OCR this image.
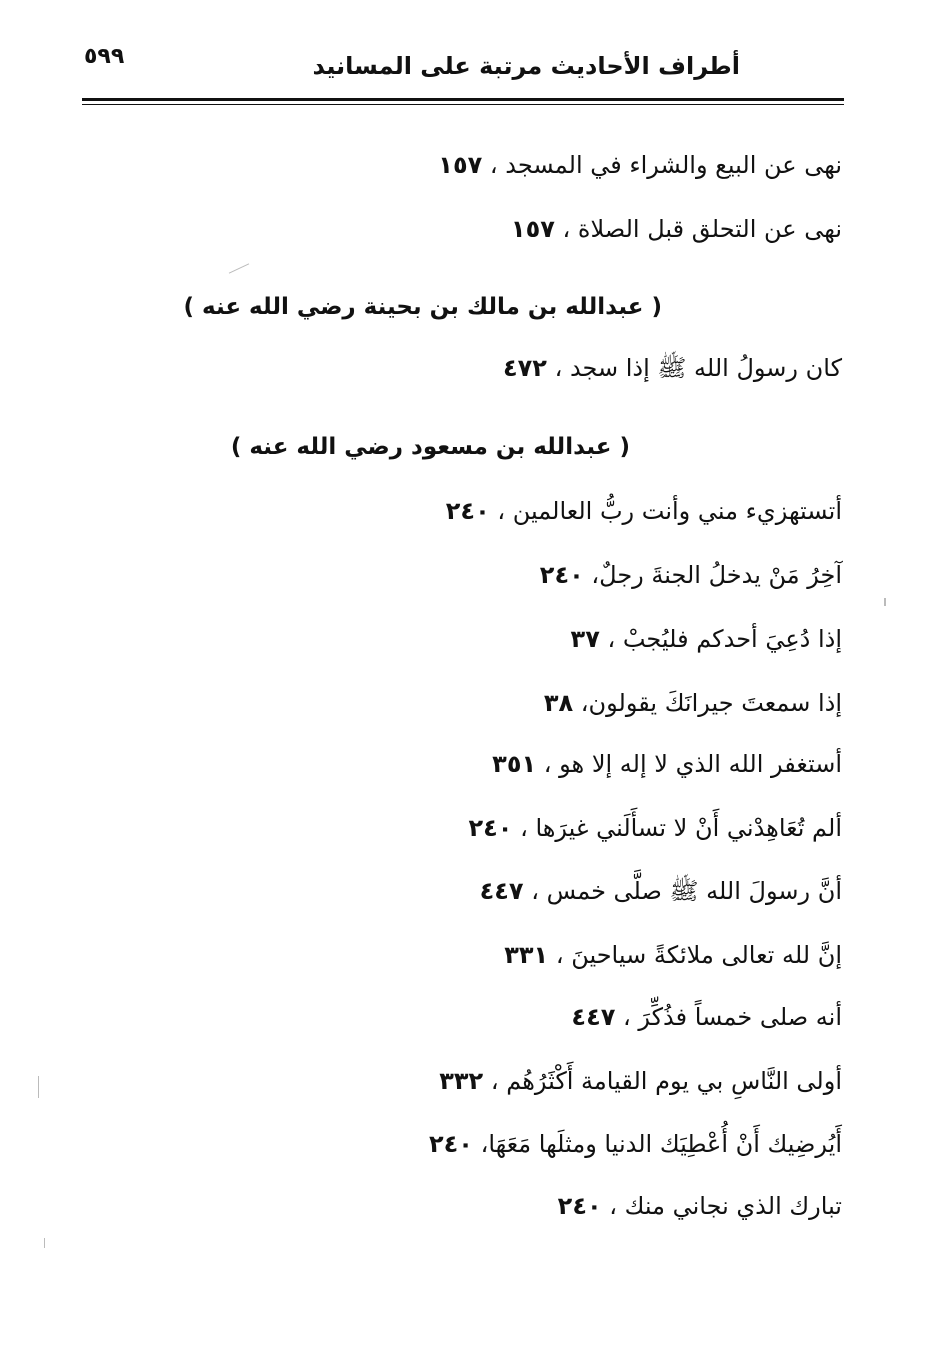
٥٩٩	أطراف الأحاديث مرتبة على المسانيد
نهى عن البيع والشراء في المسجد ، ١٥٧
نهى عن التحلق قبل الصلاة ، ١٥٧
( عبدالله بن مالك بن بحينة رضي الله عنه )
كان رسولُ الله ﷺ إذا سجد ، ٤٧٢
( عبدالله بن مسعود رضي الله عنه )
أتستهزيء مني وأنت ربُّ العالمين ، ٢٤٠
آخِرُ مَنْ يدخلُ الجنةَ رجلٌ، ٢٤٠
إذا دُعِيَ أحدكم فليُجبْ ، ٣٧
إذا سمعتَ جيرانَكَ يقولون، ٣٨
أستغفر الله الذي لا إله إلا هو ، ٣٥١
ألم تُعَاهِدْني أَنْ لا تسأَلَني غيرَها ، ٢٤٠
أنَّ رسولَ الله ﷺ صلَّى خمس ، ٤٤٧
إنَّ لله تعالى ملائكةً سياحينَ ، ٣٣١
أنه صلى خمساً فذُكِّرَ ، ٤٤٧
أولى النَّاسِ بي يوم القيامة أَكْثَرُهُم ، ٣٣٢
أَيُرضِيك أَنْ أُعْطِيَك الدنيا ومثلَها مَعَهَا، ٢٤٠
تبارك الذي نجاني منك ، ٢٤٠
